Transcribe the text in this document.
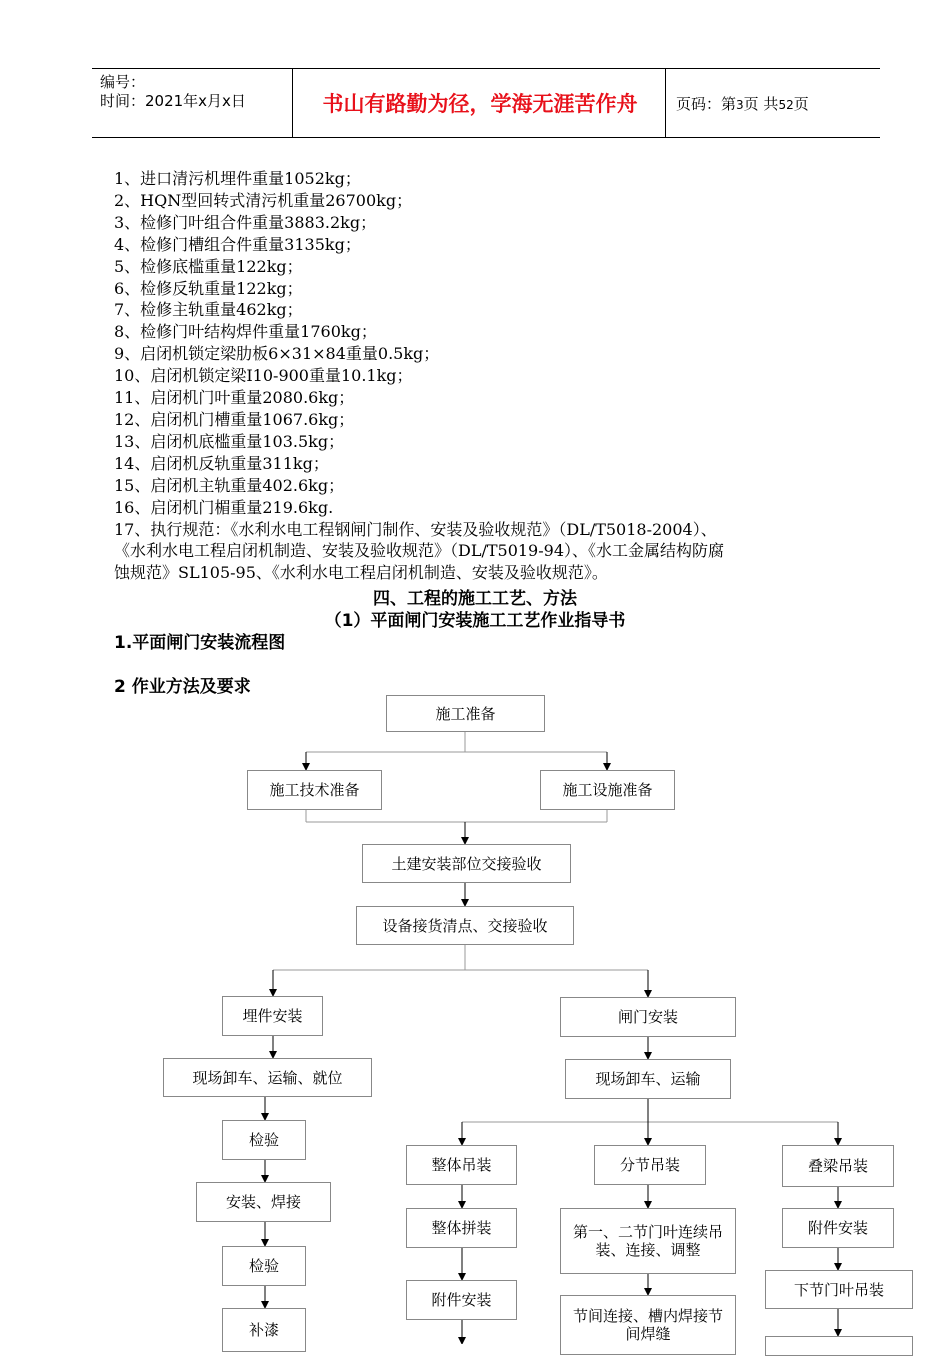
编号：
时间：2021年x月x日	书山有路勤为径，学海无涯苦作舟	页码：第3页 共52页
1、进口清污机埋件重量1052kg；
2、HQN型回转式清污机重量26700kg；
3、检修门叶组合件重量3883.2kg；
4、检修门槽组合件重量3135kg；
5、检修底槛重量122kg；
6、检修反轨重量122kg；
7、检修主轨重量462kg；
8、检修门叶结构焊件重量1760kg；
9、启闭机锁定梁肋板6×31×84重量0.5kg；
10、启闭机锁定梁I10-900重量10.1kg；
11、启闭机门叶重量2080.6kg；
12、启闭机门槽重量1067.6kg；
13、启闭机底槛重量103.5kg；
14、启闭机反轨重量311kg；
15、启闭机主轨重量402.6kg；
16、启闭机门楣重量219.6kg.
17、执行规范：《水利水电工程钢闸门制作、安装及验收规范》（DL/T5018-2004）、
《水利水电工程启闭机制造、安装及验收规范》（DL/T5019-94）、《水工金属结构防腐
蚀规范》SL105-95、《水利水电工程启闭机制造、安装及验收规范》。
四、工程的施工工艺、方法
（1）平面闸门安装施工工艺作业指导书
1.平面闸门安装流程图
2 作业方法及要求
施工准备
施工技术准备	施工设施准备
土建安装部位交接验收
设备接货清点、交接验收
埋件安装	闸门安装
现场卸车、运输、就位	现场卸车、运输
检验
安装、焊接
检验
补漆
整体吊装	分节吊装	叠梁吊装
整体拼装	第一、二节门叶连续吊装、连接、调整
附件安装
附件安装
节间连接、槽内焊接节间焊缝
下节门叶吊装
